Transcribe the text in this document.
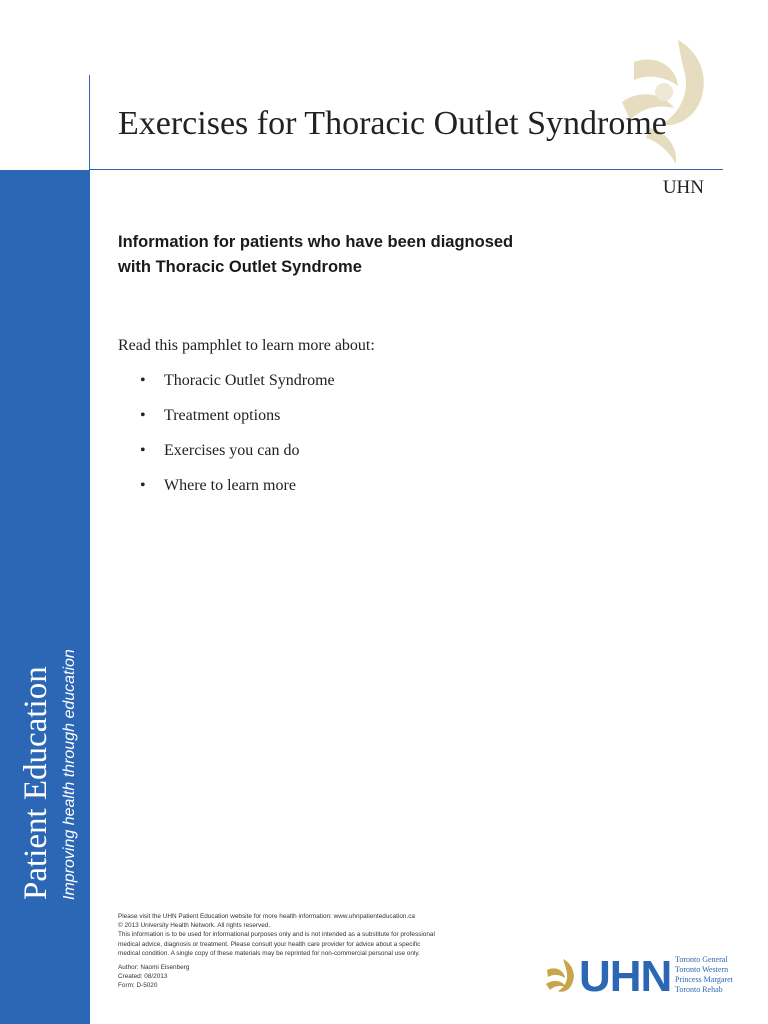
Patient Education Improving health through education
Exercises for Thoracic Outlet Syndrome
UHN
Information for patients who have been diagnosed
with Thoracic Outlet Syndrome
Read this pamphlet to learn more about:
• Thoracic Outlet Syndrome
• Treatment options
• Exercises you can do
• Where to learn more
Please visit the UHN Patient Education website for more health information: www.uhnpatienteducation.ca
© 2013 University Health Network. All rights reserved.
This information is to be used for informational purposes only and is not intended as a substitute for professional
medical advice, diagnosis or treatment. Please consult your health care provider for advice about a specific
medical condition. A single copy of these materials may be reprinted for non-commercial personal use only.
Author: Naomi Eisenberg
Created: 08/2013
Form: D-5020	UHN Toronto General
Toronto Western
Princess Margaret
Toronto Rehab
